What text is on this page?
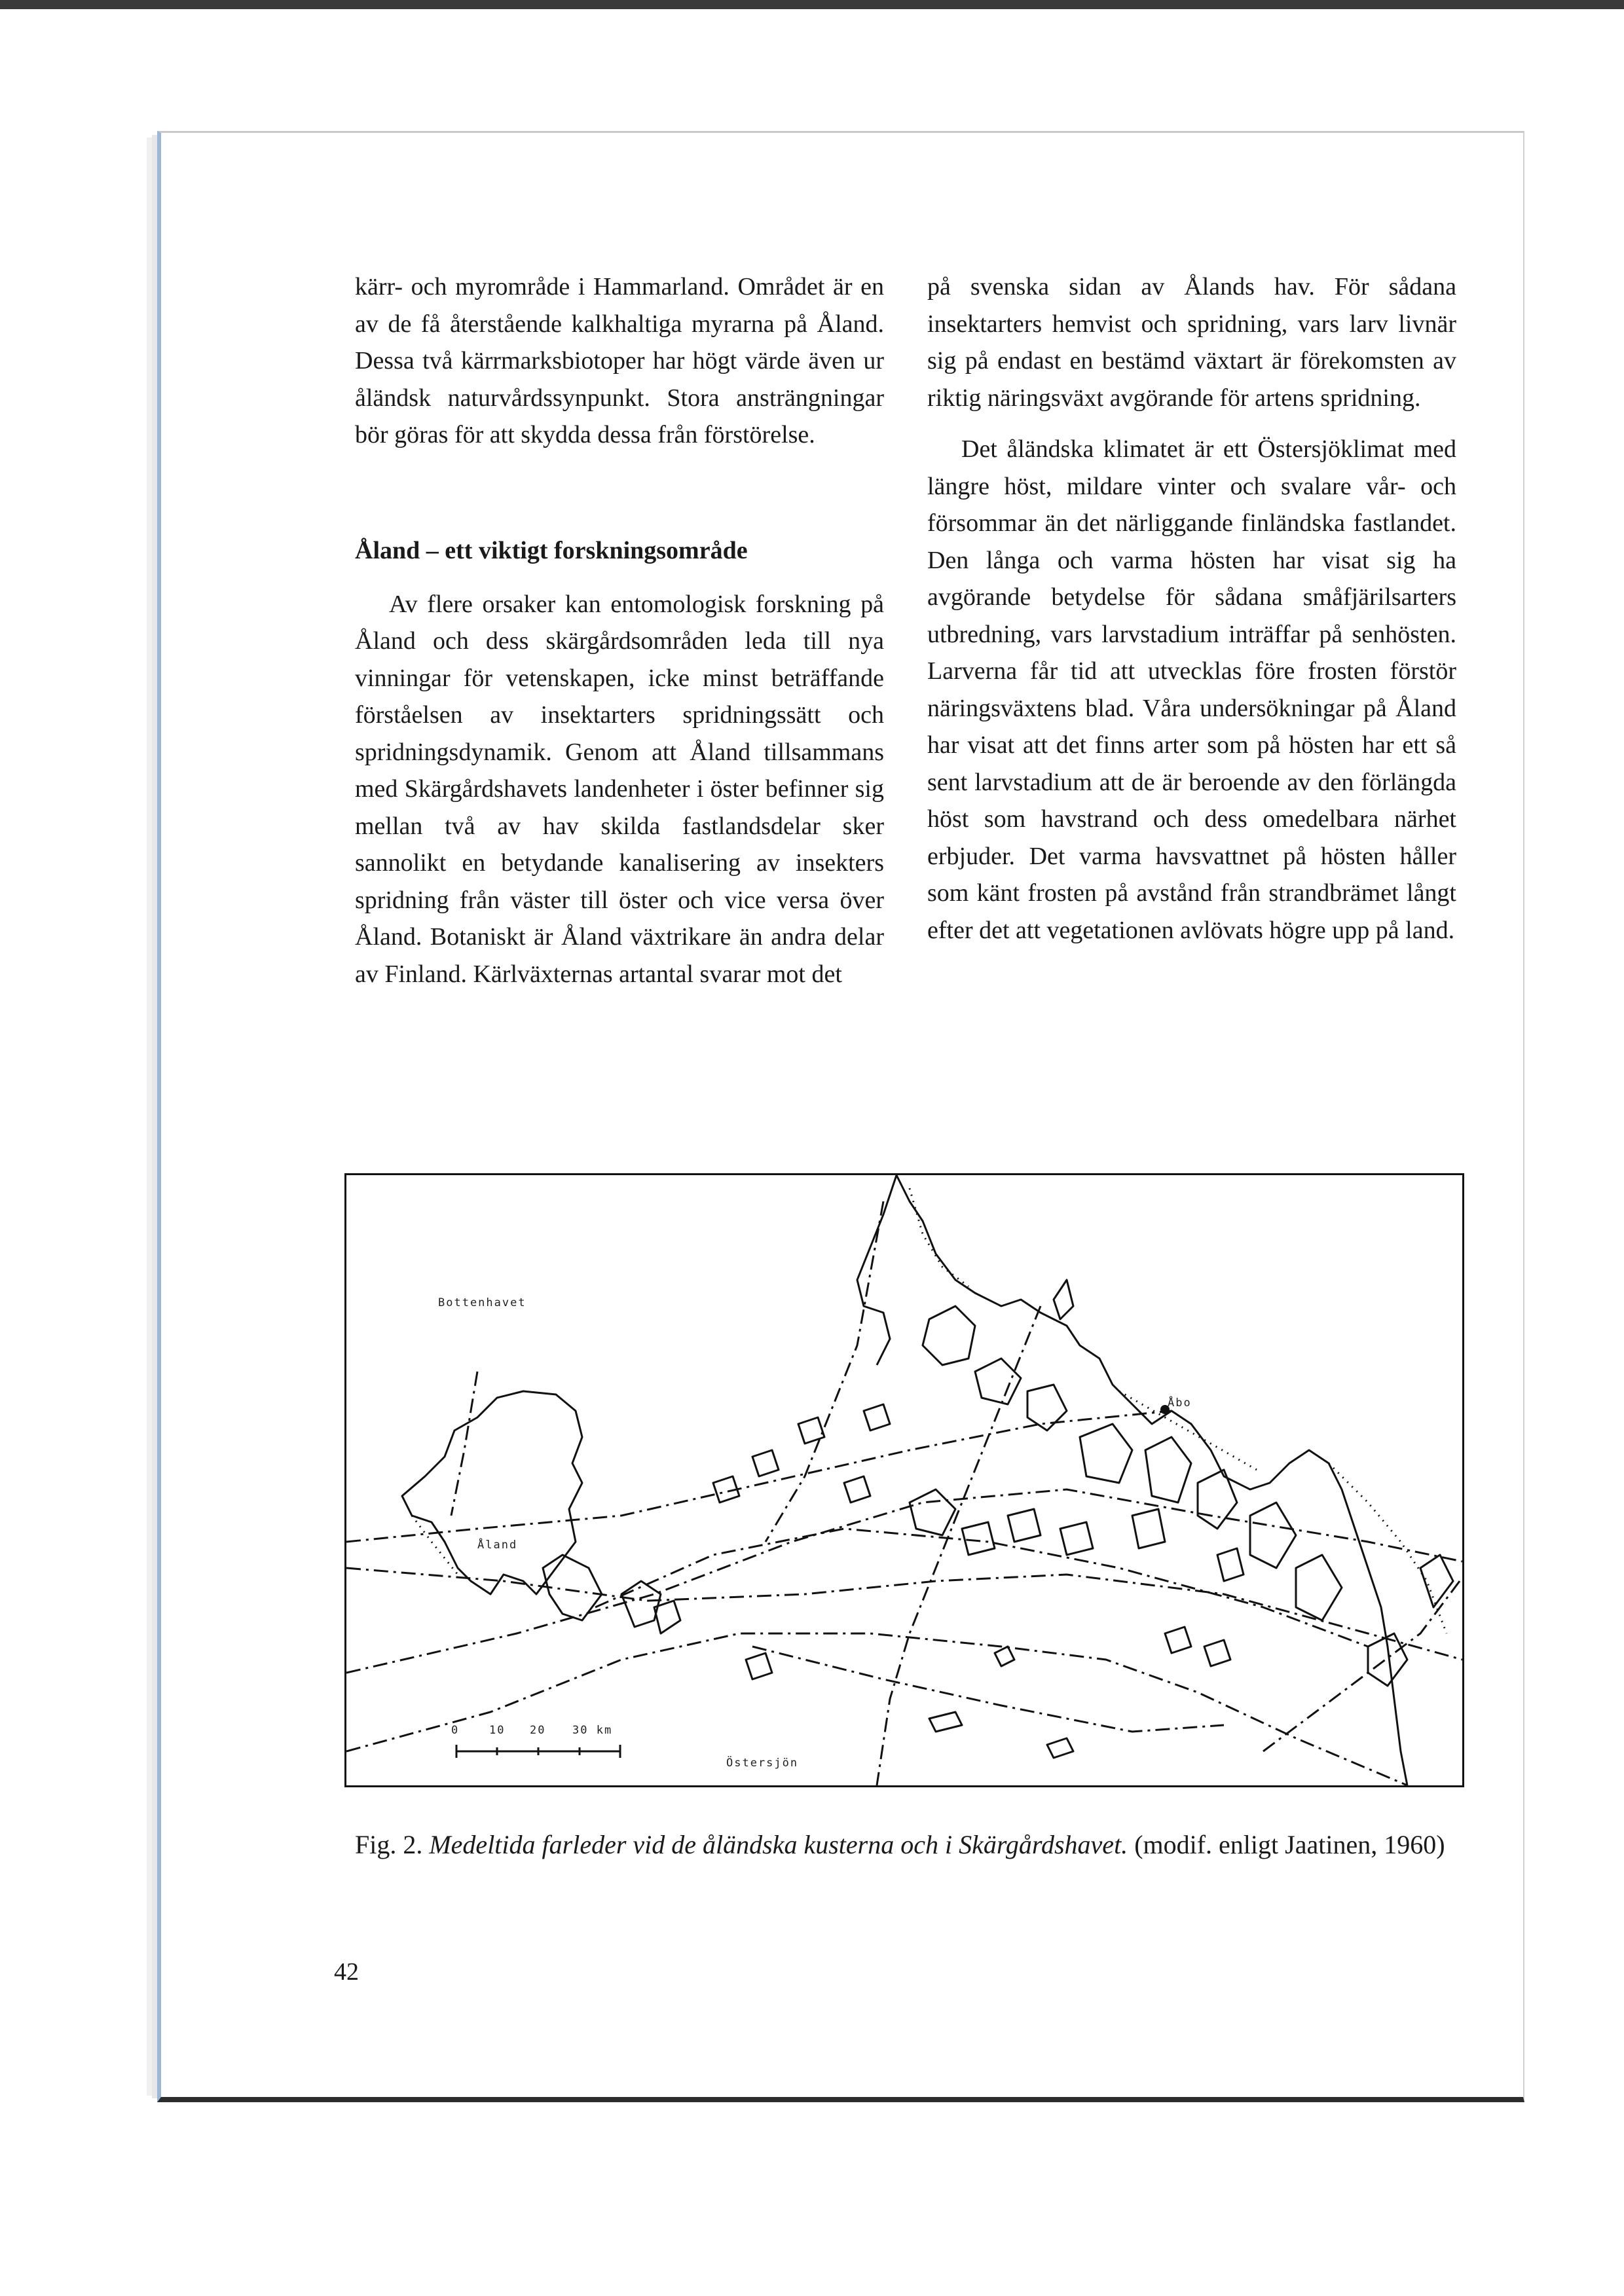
kärr- och myrområde i Hammarland. Området är en av de få återstående kalkhaltiga myrarna på Åland. Dessa två kärrmarksbiotoper har högt värde även ur åländsk naturvårdssynpunkt. Stora ansträngningar bör göras för att skydda dessa från förstörelse.

Åland – ett viktigt forskningsområde

Av flere orsaker kan entomologisk forskning på Åland och dess skärgårdsområden leda till nya vinningar för vetenskapen, icke minst beträffande förståelsen av insektarters spridningssätt och spridningsdynamik. Genom att Åland tillsammans med Skärgårdshavets landenheter i öster befinner sig mellan två av hav skilda fastlandsdelar sker sannolikt en betydande kanalisering av insekters spridning från väster till öster och vice versa över Åland. Botaniskt är Åland växtrikare än andra delar av Finland. Kärlväxternas artantal svarar mot det

på svenska sidan av Ålands hav. För sådana insektarters hemvist och spridning, vars larv livnär sig på endast en bestämd växtart är förekomsten av riktig näringsväxt avgörande för artens spridning.

Det åländska klimatet är ett Östersjöklimat med längre höst, mildare vinter och svalare vår- och försommar än det närliggande finländska fastlandet. Den långa och varma hösten har visat sig ha avgörande betydelse för sådana småfjärilsarters utbredning, vars larvstadium inträffar på senhösten. Larverna får tid att utvecklas före frosten förstör näringsväxtens blad. Våra undersökningar på Åland har visat att det finns arter som på hösten har ett så sent larvstadium att de är beroende av den förlängda höst som havstrand och dess omedelbara närhet erbjuder. Det varma havsvattnet på hösten håller som känt frosten på avstånd från strandbrämet långt efter det att vegetationen avlövats högre upp på land.

Bottenhavet
Åland
Åbo
Östersjön
0	10 20 30 km
Fig. 2. Medeltida farleder vid de åländska kusterna och i Skärgårdshavet. (modif. enligt Jaatinen, 1960)
42
